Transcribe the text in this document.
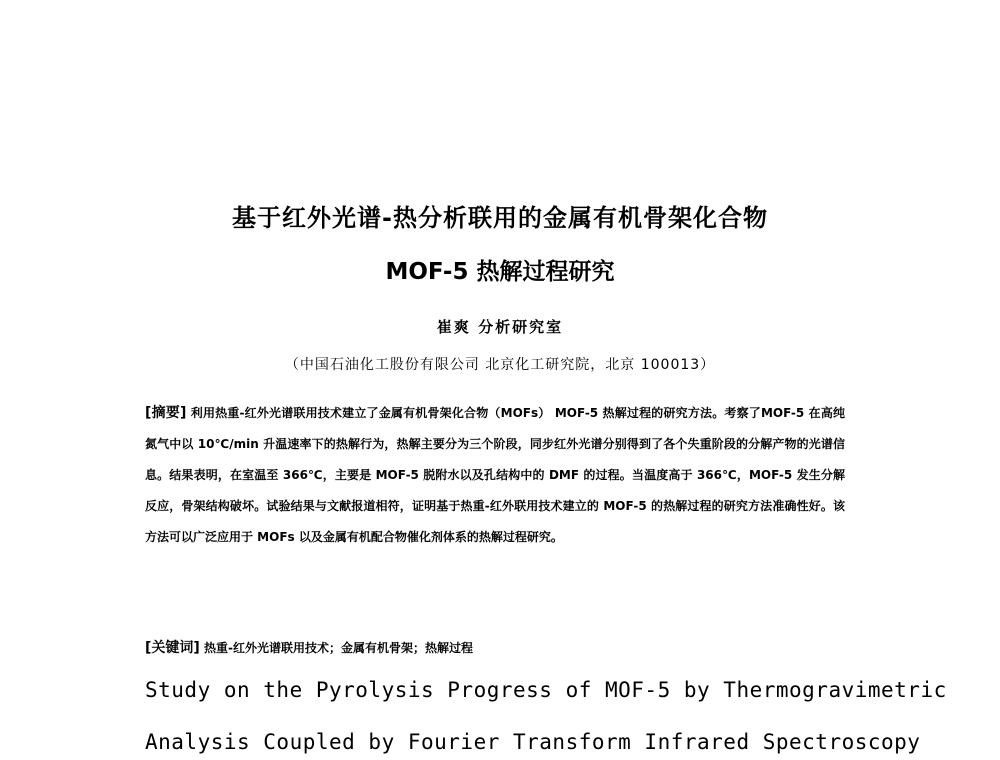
基于红外光谱-热分析联用的金属有机骨架化合物
MOF-5 热解过程研究
崔爽 分析研究室
（中国石油化工股份有限公司 北京化工研究院，北京 100013）
[摘要] 利用热重-红外光谱联用技术建立了金属有机骨架化合物（MOFs） MOF-5 热解过程的研究方法。考察了MOF-5 在高纯氮气中以 10℃/min 升温速率下的热解行为，热解主要分为三个阶段，同步红外光谱分别得到了各个失重阶段的分解产物的光谱信息。结果表明，在室温至 366℃，主要是 MOF-5 脱附水以及孔结构中的 DMF 的过程。当温度高于 366℃，MOF-5 发生分解反应，骨架结构破坏。试验结果与文献报道相符，证明基于热重-红外联用技术建立的 MOF-5 的热解过程的研究方法准确性好。该方法可以广泛应用于 MOFs 以及金属有机配合物催化剂体系的热解过程研究。
[关键词] 热重-红外光谱联用技术；金属有机骨架；热解过程
Study on the Pyrolysis Progress of MOF-5 by Thermogravimetric
Analysis Coupled by Fourier Transform Infrared Spectroscopy
